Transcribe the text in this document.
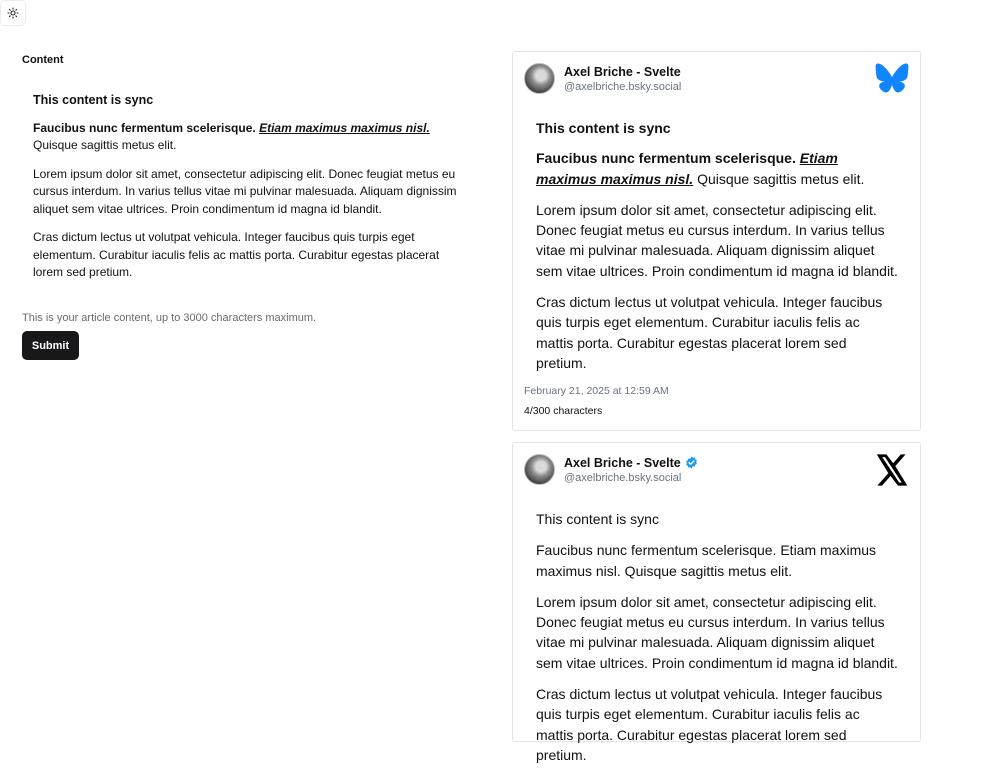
Content

This content is sync

Faucibus nunc fermentum scelerisque. Etiam maximus maximus nisl. Quisque sagittis metus elit.

Lorem ipsum dolor sit amet, consectetur adipiscing elit. Donec feugiat metus eu cursus interdum. In varius tellus vitae mi pulvinar malesuada. Aliquam dignissim aliquet sem vitae ultrices. Proin condimentum id magna id blandit.

Cras dictum lectus ut volutpat vehicula. Integer faucibus quis turpis eget elementum. Curabitur iaculis felis ac mattis porta. Curabitur egestas placerat lorem sed pretium.

This is your article content, up to 3000 characters maximum.
Submit
Axel Briche - Svelte
@axelbriche.bsky.social

This content is sync

Faucibus nunc fermentum scelerisque. Etiam maximus maximus nisl. Quisque sagittis metus elit.

Lorem ipsum dolor sit amet, consectetur adipiscing elit. Donec feugiat metus eu cursus interdum. In varius tellus vitae mi pulvinar malesuada. Aliquam dignissim aliquet sem vitae ultrices. Proin condimentum id magna id blandit.

Cras dictum lectus ut volutpat vehicula. Integer faucibus quis turpis eget elementum. Curabitur iaculis felis ac mattis porta. Curabitur egestas placerat lorem sed pretium.

February 21, 2025 at 12:59 AM
4/300 characters
Axel Briche - Svelte
@axelbriche.bsky.social

This content is sync

Faucibus nunc fermentum scelerisque. Etiam maximus maximus nisl. Quisque sagittis metus elit.

Lorem ipsum dolor sit amet, consectetur adipiscing elit. Donec feugiat metus eu cursus interdum. In varius tellus vitae mi pulvinar malesuada. Aliquam dignissim aliquet sem vitae ultrices. Proin condimentum id magna id blandit.

Cras dictum lectus ut volutpat vehicula. Integer faucibus quis turpis eget elementum. Curabitur iaculis felis ac mattis porta. Curabitur egestas placerat lorem sed pretium.
